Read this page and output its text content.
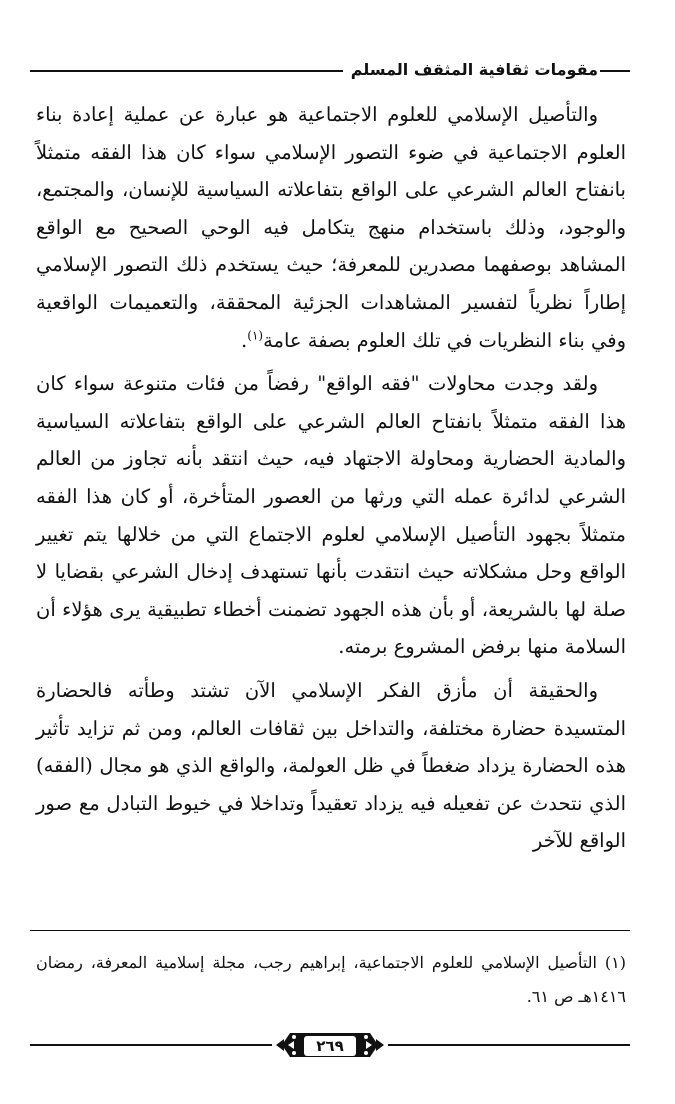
مقومات ثقافية المثقف المسلم

والتأصيل الإسلامي للعلوم الاجتماعية هو عبارة عن عملية إعادة بناء العلوم الاجتماعية في ضوء التصور الإسلامي سواء كان هذا الفقه متمثلاً بانفتاح العالم الشرعي على الواقع بتفاعلاته السياسية للإنسان، والمجتمع، والوجود، وذلك باستخدام منهج يتكامل فيه الوحي الصحيح مع الواقع المشاهد بوصفهما مصدرين للمعرفة؛ حيث يستخدم ذلك التصور الإسلامي إطاراً نظرياً لتفسير المشاهدات الجزئية المحققة، والتعميمات الواقعية وفي بناء النظريات في تلك العلوم بصفة عامة$^{(١)}$.

ولقد وجدت محاولات "فقه الواقع" رفضاً من فئات متنوعة سواء كان هذا الفقه متمثلاً بانفتاح العالم الشرعي على الواقع بتفاعلاته السياسية والمادية الحضارية ومحاولة الاجتهاد فيه، حيث انتقد بأنه تجاوز من العالم الشرعي لدائرة عمله التي ورثها من العصور المتأخرة، أو كان هذا الفقه متمثلاً بجهود التأصيل الإسلامي لعلوم الاجتماع التي من خلالها يتم تغيير الواقع وحل مشكلاته حيث انتقدت بأنها تستهدف إدخال الشرعي بقضايا لا صلة لها بالشريعة، أو بأن هذه الجهود تضمنت أخطاء تطبيقية يرى هؤلاء أن السلامة منها برفض المشروع برمته.

والحقيقة أن مأزق الفكر الإسلامي الآن تشتد وطأته فالحضارة المتسيدة حضارة مختلفة، والتداخل بين ثقافات العالم، ومن ثم تزايد تأثير هذه الحضارة يزداد ضغطاً في ظل العولمة، والواقع الذي هو مجال (الفقه) الذي نتحدث عن تفعيله فيه يزداد تعقيداً وتداخلا في خيوط التبادل مع صور الواقع للآخر

(١) التأصيل الإسلامي للعلوم الاجتماعية، إبراهيم رجب، مجلة إسلامية المعرفة، رمضان ١٤١٦هـ ص ٦١.
٢٦٩
